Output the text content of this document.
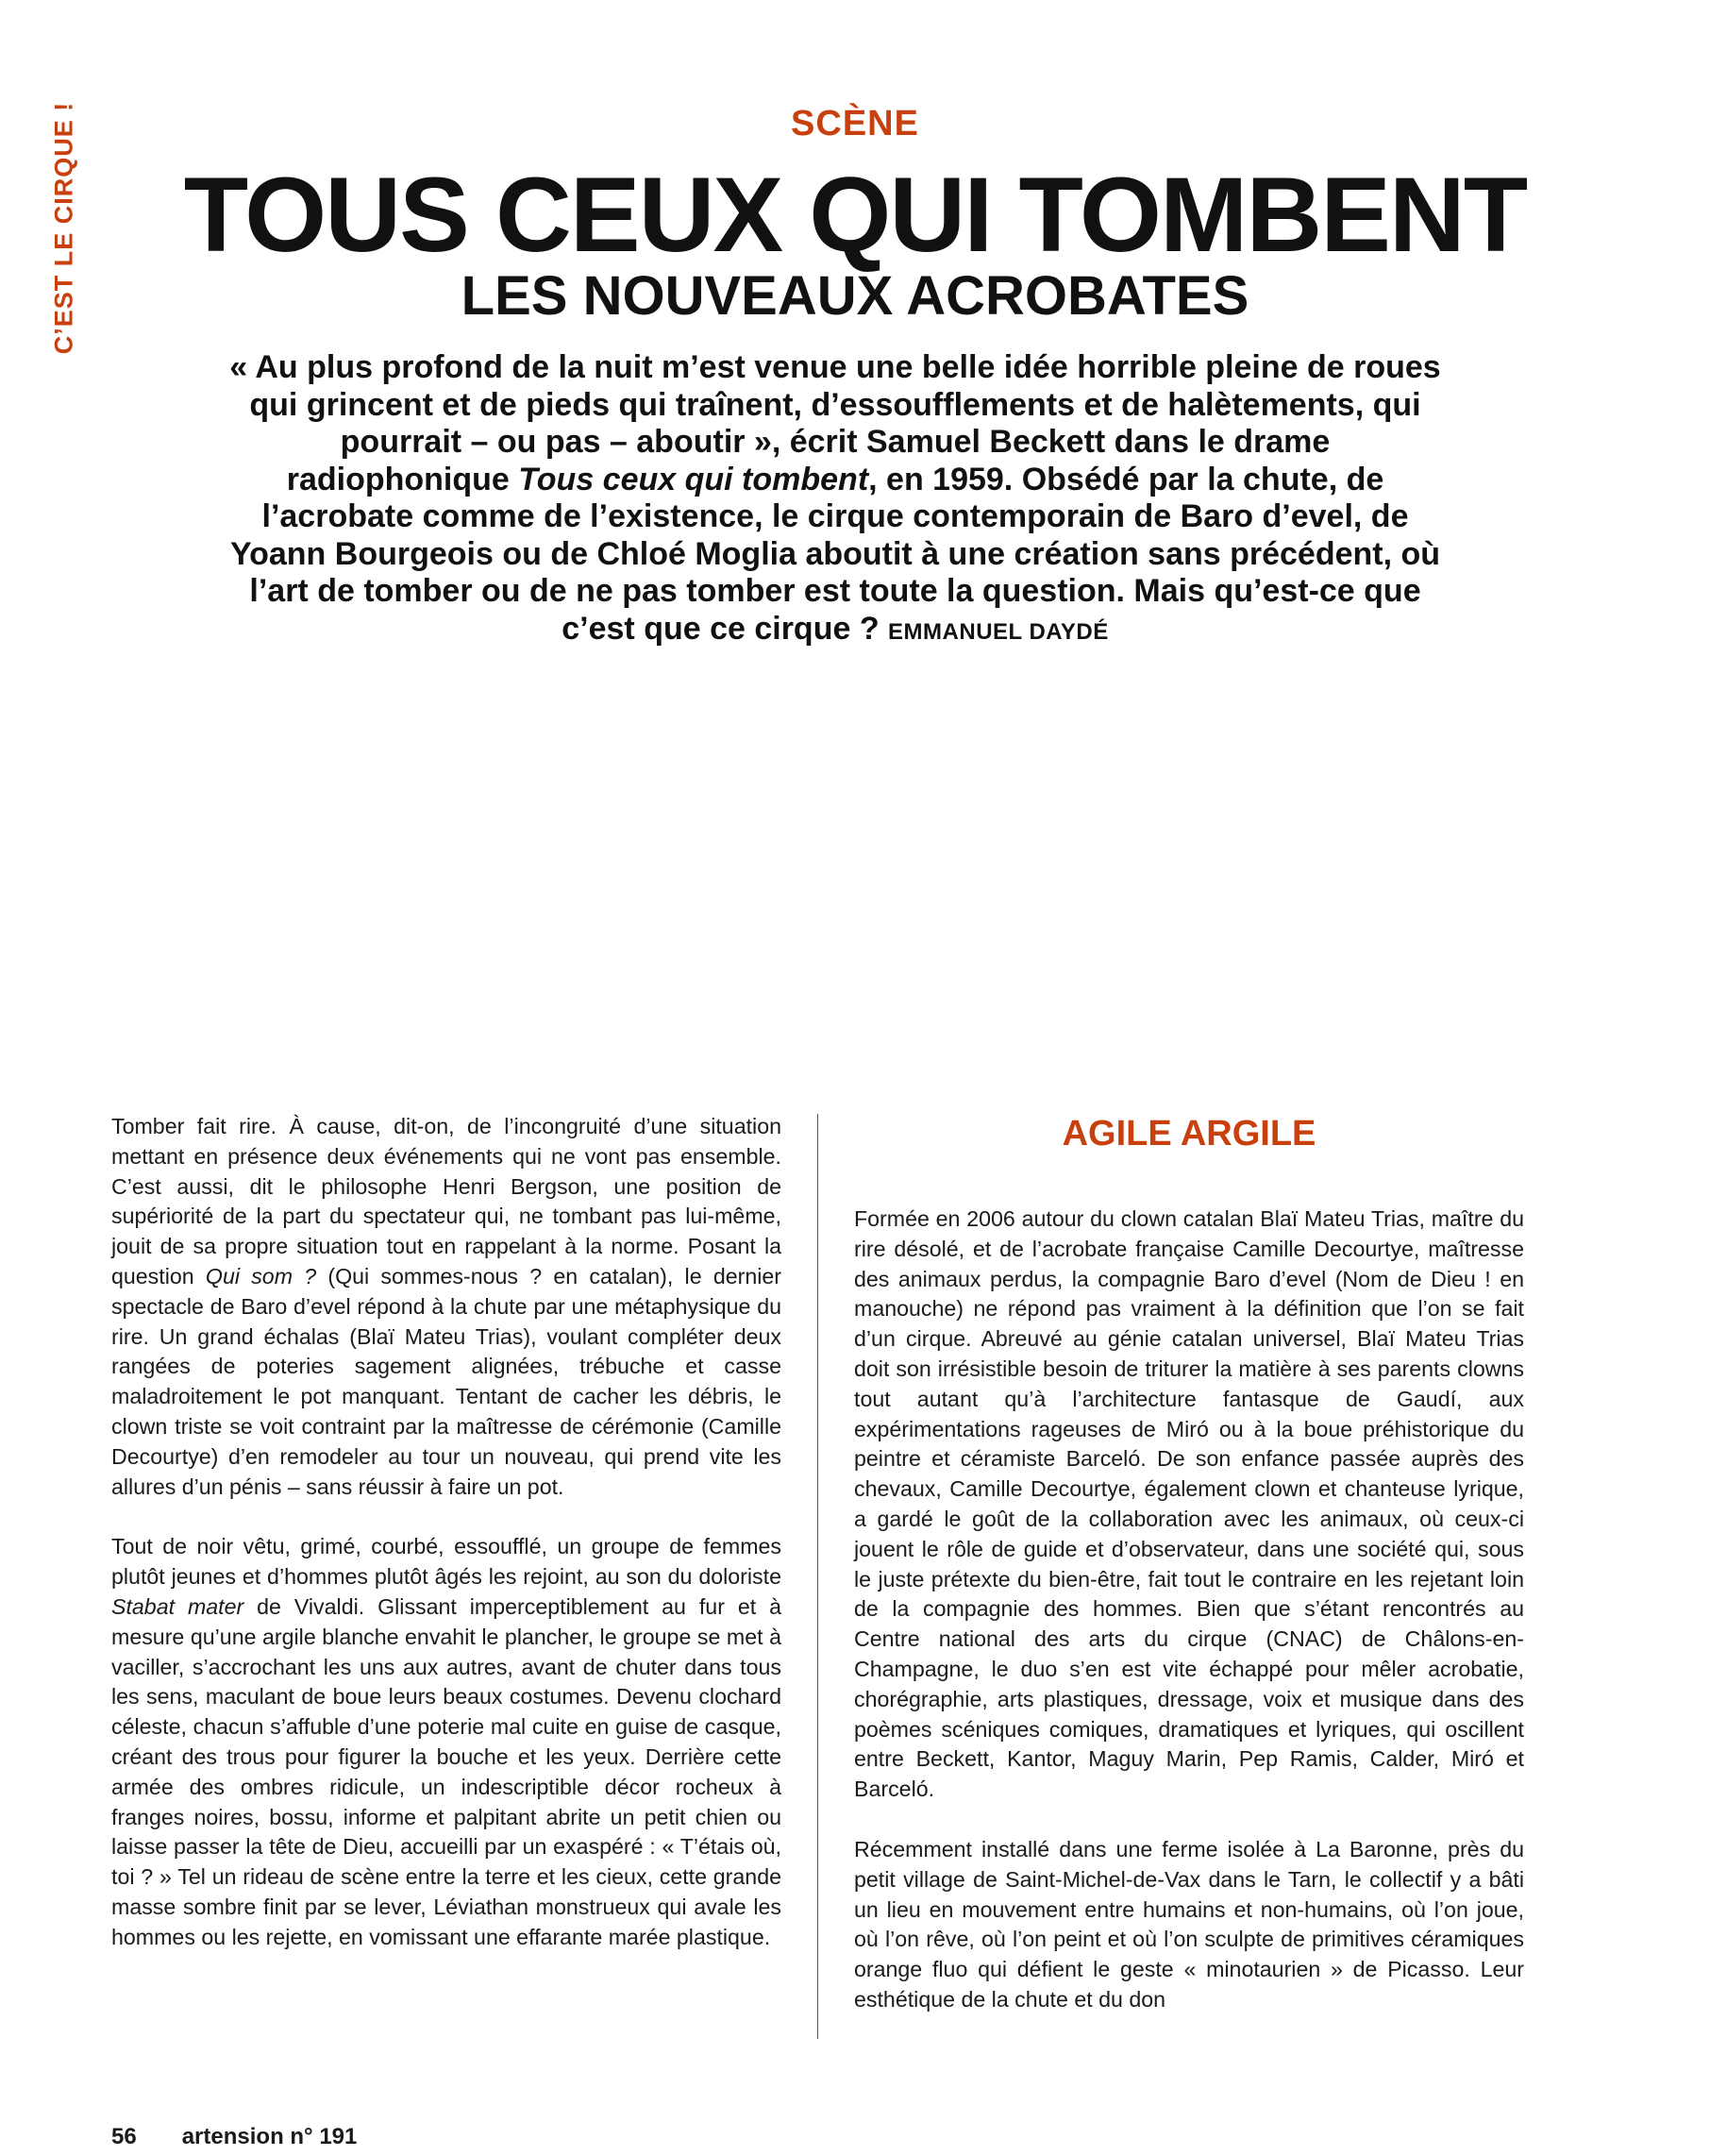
C’EST LE CIRQUE !	SCÈNE
TOUS CEUX QUI TOMBENT
LES NOUVEAUX ACROBATES
« Au plus profond de la nuit m’est venue une belle idée horrible pleine de roues qui grincent et de pieds qui traînent, d’essoufflements et de halètements, qui pourrait – ou pas – aboutir », écrit Samuel Beckett dans le drame radiophonique Tous ceux qui tombent, en 1959. Obsédé par la chute, de l’acrobate comme de l’existence, le cirque contemporain de Baro d’evel, de Yoann Bourgeois ou de Chloé Moglia aboutit à une création sans précédent, où l’art de tomber ou de ne pas tomber est toute la question. Mais qu’est-ce que c’est que ce cirque ? EMMANUEL DAYDÉ

Tomber fait rire. À cause, dit-on, de l’incongruité d’une situation mettant en présence deux événements qui ne vont pas ensemble. C’est aussi, dit le philosophe Henri Bergson, une position de supériorité de la part du spectateur qui, ne tombant pas lui-même, jouit de sa propre situation tout en rappelant à la norme. Posant la question Qui som ? (Qui sommes-nous ? en catalan), le dernier spectacle de Baro d’evel répond à la chute par une métaphysique du rire. Un grand échalas (Blaï Mateu Trias), voulant compléter deux rangées de poteries sagement alignées, trébuche et casse maladroitement le pot manquant. Tentant de cacher les débris, le clown triste se voit contraint par la maîtresse de cérémonie (Camille Decourtye) d’en remodeler au tour un nouveau, qui prend vite les allures d’un pénis – sans réussir à faire un pot.

Tout de noir vêtu, grimé, courbé, essoufflé, un groupe de femmes plutôt jeunes et d’hommes plutôt âgés les rejoint, au son du doloriste Stabat mater de Vivaldi. Glissant imperceptiblement au fur et à mesure qu’une argile blanche envahit le plancher, le groupe se met à vaciller, s’accrochant les uns aux autres, avant de chuter dans tous les sens, maculant de boue leurs beaux costumes. Devenu clochard céleste, chacun s’affuble d’une poterie mal cuite en guise de casque, créant des trous pour figurer la bouche et les yeux. Derrière cette armée des ombres ridicule, un indescriptible décor rocheux à franges noires, bossu, informe et palpitant abrite un petit chien ou laisse passer la tête de Dieu, accueilli par un exaspéré : « T’étais où, toi ? » Tel un rideau de scène entre la terre et les cieux, cette grande masse sombre finit par se lever, Léviathan monstrueux qui avale les hommes ou les rejette, en vomissant une effarante marée plastique.

AGILE ARGILE

Formée en 2006 autour du clown catalan Blaï Mateu Trias, maître du rire désolé, et de l’acrobate française Camille Decourtye, maîtresse des animaux perdus, la compagnie Baro d’evel (Nom de Dieu ! en manouche) ne répond pas vraiment à la définition que l’on se fait d’un cirque. Abreuvé au génie catalan universel, Blaï Mateu Trias doit son irrésistible besoin de triturer la matière à ses parents clowns tout autant qu’à l’architecture fantasque de Gaudí, aux expérimentations rageuses de Miró ou à la boue préhistorique du peintre et céramiste Barceló. De son enfance passée auprès des chevaux, Camille Decourtye, également clown et chanteuse lyrique, a gardé le goût de la collaboration avec les animaux, où ceux-ci jouent le rôle de guide et d’observateur, dans une société qui, sous le juste prétexte du bien-être, fait tout le contraire en les rejetant loin de la compagnie des hommes. Bien que s’étant rencontrés au Centre national des arts du cirque (CNAC) de Châlons-en-Champagne, le duo s’en est vite échappé pour mêler acrobatie, chorégraphie, arts plastiques, dressage, voix et musique dans des poèmes scéniques comiques, dramatiques et lyriques, qui oscillent entre Beckett, Kantor, Maguy Marin, Pep Ramis, Calder, Miró et Barceló.

Récemment installé dans une ferme isolée à La Baronne, près du petit village de Saint-Michel-de-Vax dans le Tarn, le collectif y a bâti un lieu en mouvement entre humains et non-humains, où l’on joue, où l’on rêve, où l’on peint et où l’on sculpte de primitives céramiques orange fluo qui défient le geste « minotaurien » de Picasso. Leur esthétique de la chute et du don

56 artension n° 191
